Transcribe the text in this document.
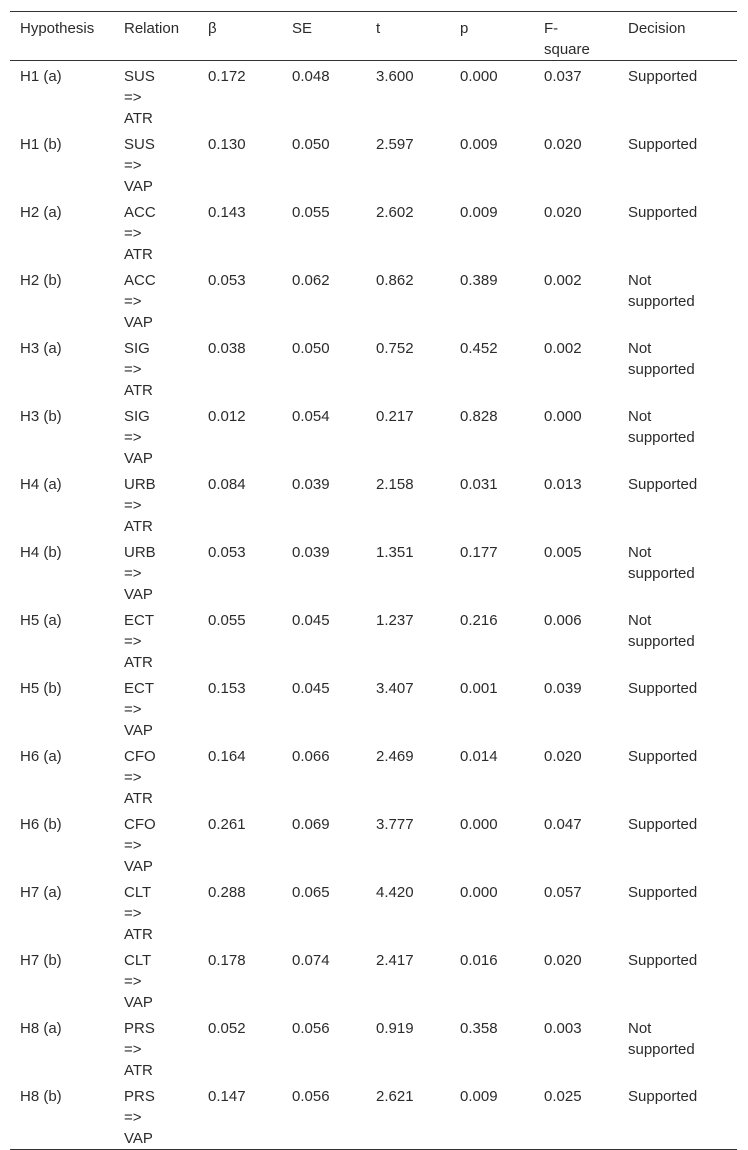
Hypothesis	Relation	β	SE	t	p	F-
square	Decision

H1 (a)	SUS
=>
ATR	0.172	0.048	3.600	0.000	0.037	Supported

H1 (b)	SUS
=>
VAP	0.130	0.050	2.597	0.009	0.020	Supported

H2 (a)	ACC
=>
ATR	0.143	0.055	2.602	0.009	0.020	Supported

H2 (b)	ACC
=>
VAP	0.053	0.062	0.862	0.389	0.002	Not
supported

H3 (a)	SIG
=>
ATR	0.038	0.050	0.752	0.452	0.002	Not
supported

H3 (b)	SIG
=>
VAP	0.012	0.054	0.217	0.828	0.000	Not
supported

H4 (a)	URB
=>
ATR	0.084	0.039	2.158	0.031	0.013	Supported

H4 (b)	URB
=>
VAP	0.053	0.039	1.351	0.177	0.005	Not
supported

H5 (a)	ECT
=>
ATR	0.055	0.045	1.237	0.216	0.006	Not
supported

H5 (b)	ECT
=>
VAP	0.153	0.045	3.407	0.001	0.039	Supported

H6 (a)	CFO
=>
ATR	0.164	0.066	2.469	0.014	0.020	Supported

H6 (b)	CFO
=>
VAP	0.261	0.069	3.777	0.000	0.047	Supported

H7 (a)	CLT
=>
ATR	0.288	0.065	4.420	0.000	0.057	Supported

H7 (b)	CLT
=>
VAP	0.178	0.074	2.417	0.016	0.020	Supported

H8 (a)	PRS
=>
ATR	0.052	0.056	0.919	0.358	0.003	Not
supported

H8 (b)	PRS
=>
VAP	0.147	0.056	2.621	0.009	0.025	Supported
